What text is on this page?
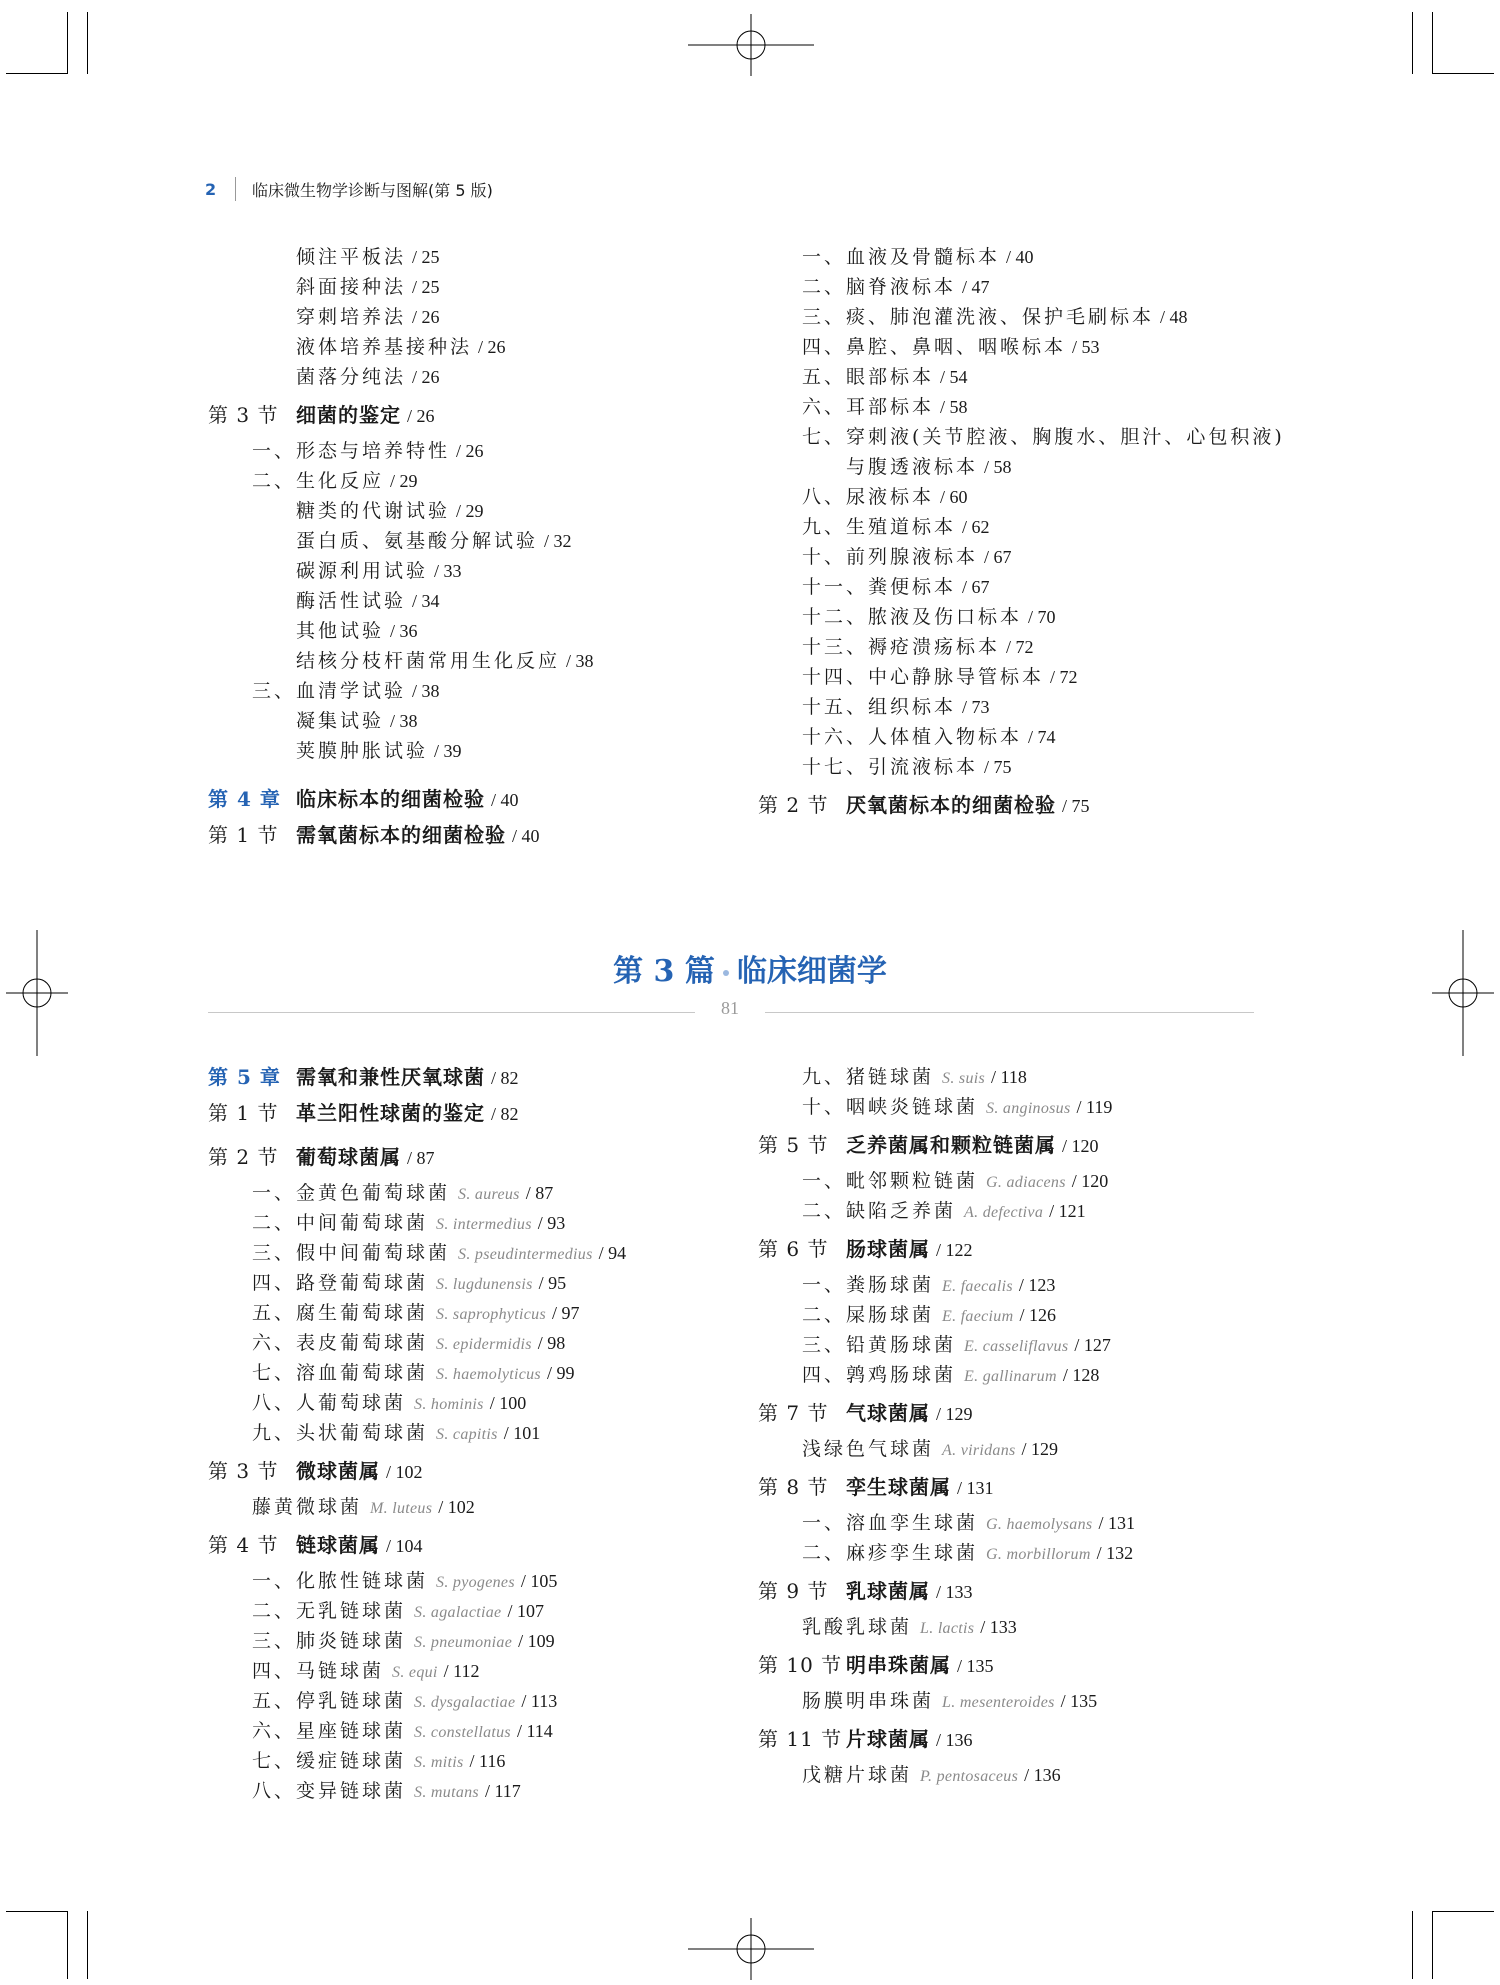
2	临床微生物学诊断与图解(第 5 版)
倾注平板法 / 25
斜面接种法 / 25
穿刺培养法 / 26
液体培养基接种法 / 26
菌落分纯法 / 26
第 3 节 细菌的鉴定 / 26
一、形态与培养特性 / 26
二、生化反应 / 29
糖类的代谢试验 / 29
蛋白质、氨基酸分解试验 / 32
碳源利用试验 / 33
酶活性试验 / 34
其他试验 / 36
结核分枝杆菌常用生化反应 / 38
三、血清学试验 / 38
凝集试验 / 38
荚膜肿胀试验 / 39
第 4 章 临床标本的细菌检验 / 40
第 1 节 需氧菌标本的细菌检验 / 40
一、血液及骨髓标本 / 40
二、脑脊液标本 / 47
三、痰、肺泡灌洗液、保护毛刷标本 / 48
四、鼻腔、鼻咽、咽喉标本 / 53
五、眼部标本 / 54
六、耳部标本 / 58
七、穿刺液(关节腔液、胸腹水、胆汁、心包积液)
与腹透液标本 / 58
八、尿液标本 / 60
九、生殖道标本 / 62
十、前列腺液标本 / 67
十一、粪便标本 / 67
十二、脓液及伤口标本 / 70
十三、褥疮溃疡标本 / 72
十四、中心静脉导管标本 / 72
十五、组织标本 / 73
十六、人体植入物标本 / 74
十七、引流液标本 / 75
第 2 节 厌氧菌标本的细菌检验 / 75
第 3 篇 临床细菌学
81
第 5 章 需氧和兼性厌氧球菌 / 82
第 1 节 革兰阳性球菌的鉴定 / 82
第 2 节 葡萄球菌属 / 87
一、金黄色葡萄球菌 S. aureus / 87
二、中间葡萄球菌 S. intermedius / 93
三、假中间葡萄球菌 S. pseudintermedius / 94
四、路登葡萄球菌 S. lugdunensis / 95
五、腐生葡萄球菌 S. saprophyticus / 97
六、表皮葡萄球菌 S. epidermidis / 98
七、溶血葡萄球菌 S. haemolyticus / 99
八、人葡萄球菌 S. hominis / 100
九、头状葡萄球菌 S. capitis / 101
第 3 节 微球菌属 / 102
藤黄微球菌 M. luteus / 102
第 4 节 链球菌属 / 104
一、化脓性链球菌 S. pyogenes / 105
二、无乳链球菌 S. agalactiae / 107
三、肺炎链球菌 S. pneumoniae / 109
四、马链球菌 S. equi / 112
五、停乳链球菌 S. dysgalactiae / 113
六、星座链球菌 S. constellatus / 114
七、缓症链球菌 S. mitis / 116
八、变异链球菌 S. mutans / 117
九、猪链球菌 S. suis / 118
十、咽峡炎链球菌 S. anginosus / 119
第 5 节 乏养菌属和颗粒链菌属 / 120
一、毗邻颗粒链菌 G. adiacens / 120
二、缺陷乏养菌 A. defectiva / 121
第 6 节 肠球菌属 / 122
一、粪肠球菌 E. faecalis / 123
二、屎肠球菌 E. faecium / 126
三、铅黄肠球菌 E. casseliflavus / 127
四、鹑鸡肠球菌 E. gallinarum / 128
第 7 节 气球菌属 / 129
浅绿色气球菌 A. viridans / 129
第 8 节 孪生球菌属 / 131
一、溶血孪生球菌 G. haemolysans / 131
二、麻疹孪生球菌 G. morbillorum / 132
第 9 节 乳球菌属 / 133
乳酸乳球菌 L. lactis / 133
第 10 节 明串珠菌属 / 135
肠膜明串珠菌 L. mesenteroides / 135
第 11 节 片球菌属 / 136
戊糖片球菌 P. pentosaceus / 136
